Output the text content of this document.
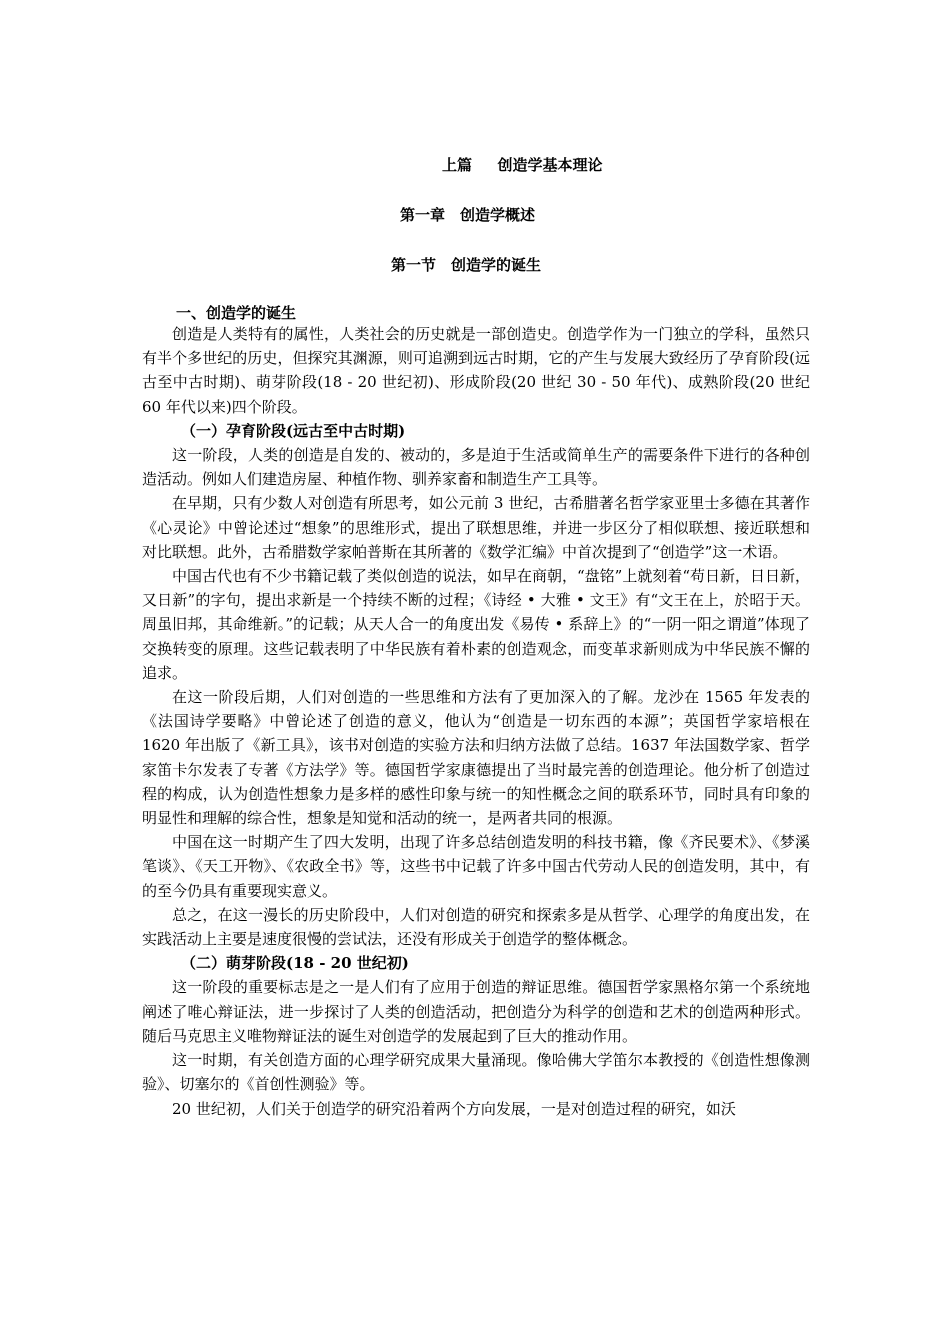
上篇　  创造学基本理论
第一章　创造学概述
第一节　创造学的诞生
一、创造学的诞生

创造是人类特有的属性，人类社会的历史就是一部创造史。创造学作为一门独立的学科，虽然只有半个多世纪的历史，但探究其渊源，则可追溯到远古时期，它的产生与发展大致经历了孕育阶段(远古至中古时期)、萌芽阶段(18 - 20 世纪初)、形成阶段(20 世纪 30 - 50 年代)、成熟阶段(20 世纪 60 年代以来)四个阶段。

（一）孕育阶段(远古至中古时期)

这一阶段，人类的创造是自发的、被动的，多是迫于生活或简单生产的需要条件下进行的各种创造活动。例如人们建造房屋、种植作物、驯养家畜和制造生产工具等。

在早期，只有少数人对创造有所思考，如公元前 3 世纪，古希腊著名哲学家亚里士多德在其著作《心灵论》中曾论述过“想象”的思维形式，提出了联想思维，并进一步区分了相似联想、接近联想和对比联想。此外，古希腊数学家帕普斯在其所著的《数学汇编》中首次提到了“创造学”这一术语。

中国古代也有不少书籍记载了类似创造的说法，如早在商朝，“盘铭”上就刻着“苟日新，日日新，又日新”的字句，提出求新是一个持续不断的过程；《诗经 • 大雅 • 文王》有“文王在上，於昭于天。周虽旧邦，其命维新。”的记载；从天人合一的角度出发《易传 • 系辞上》的“一阴一阳之谓道”体现了交换转变的原理。这些记载表明了中华民族有着朴素的创造观念，而变革求新则成为中华民族不懈的追求。

在这一阶段后期，人们对创造的一些思维和方法有了更加深入的了解。龙沙在 1565 年发表的《法国诗学要略》中曾论述了创造的意义，他认为“创造是一切东西的本源”；英国哲学家培根在 1620 年出版了《新工具》，该书对创造的实验方法和归纳方法做了总结。1637 年法国数学家、哲学家笛卡尔发表了专著《方法学》等。德国哲学家康德提出了当时最完善的创造理论。他分析了创造过程的构成，认为创造性想象力是多样的感性印象与统一的知性概念之间的联系环节，同时具有印象的明显性和理解的综合性，想象是知觉和活动的统一，是两者共同的根源。

中国在这一时期产生了四大发明，出现了许多总结创造发明的科技书籍，像《齐民要术》、《梦溪笔谈》、《天工开物》、《农政全书》等，这些书中记载了许多中国古代劳动人民的创造发明，其中，有的至今仍具有重要现实意义。

总之，在这一漫长的历史阶段中，人们对创造的研究和探索多是从哲学、心理学的角度出发，在实践活动上主要是速度很慢的尝试法，还没有形成关于创造学的整体概念。

（二）萌芽阶段(18 - 20 世纪初)

这一阶段的重要标志是之一是人们有了应用于创造的辩证思维。德国哲学家黑格尔第一个系统地阐述了唯心辩证法，进一步探讨了人类的创造活动，把创造分为科学的创造和艺术的创造两种形式。随后马克思主义唯物辩证法的诞生对创造学的发展起到了巨大的推动作用。

这一时期，有关创造方面的心理学研究成果大量涌现。像哈佛大学笛尔本教授的《创造性想像测验》、切塞尔的《首创性测验》等。

20 世纪初，人们关于创造学的研究沿着两个方向发展，一是对创造过程的研究，如沃
